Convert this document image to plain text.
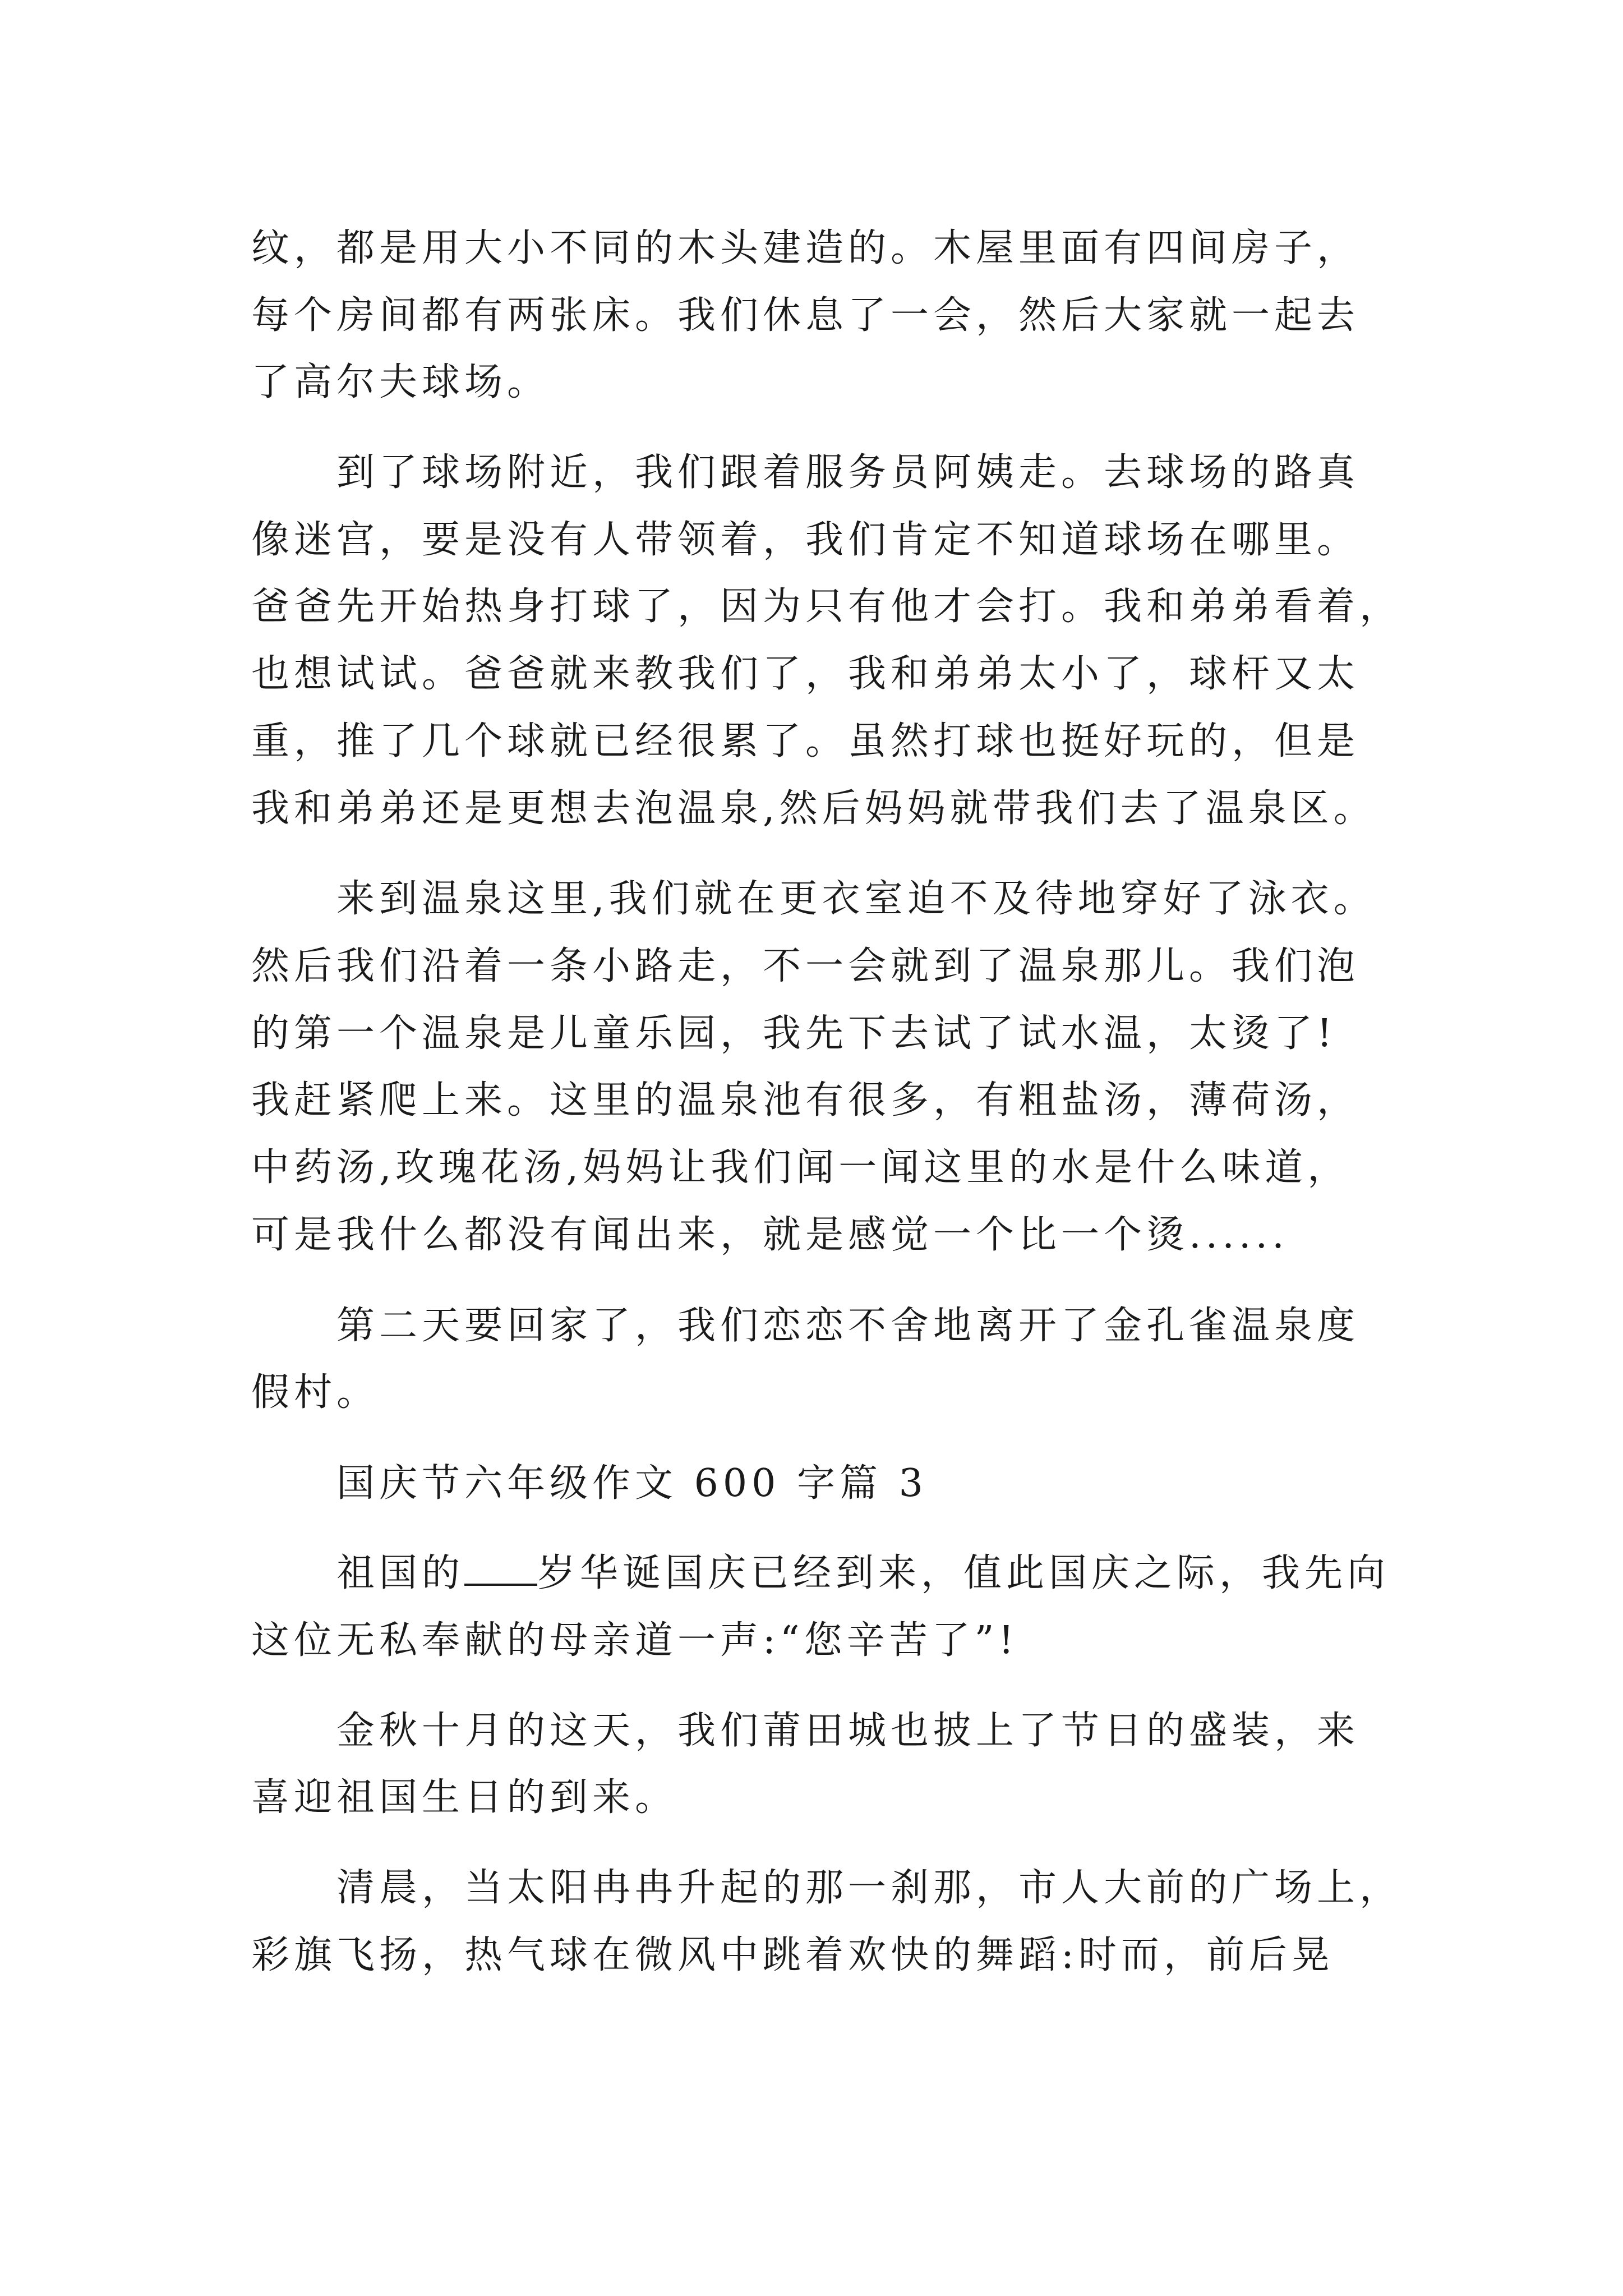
纹，都是用大小不同的木头建造的。木屋里面有四间房子，
每个房间都有两张床。我们休息了一会，然后大家就一起去
了高尔夫球场。
到了球场附近，我们跟着服务员阿姨走。去球场的路真
像迷宫，要是没有人带领着，我们肯定不知道球场在哪里。
爸爸先开始热身打球了，因为只有他才会打。我和弟弟看着，
也想试试。爸爸就来教我们了，我和弟弟太小了，球杆又太
重，推了几个球就已经很累了。虽然打球也挺好玩的，但是
我和弟弟还是更想去泡温泉,然后妈妈就带我们去了温泉区。
来到温泉这里,我们就在更衣室迫不及待地穿好了泳衣。
然后我们沿着一条小路走，不一会就到了温泉那儿。我们泡
的第一个温泉是儿童乐园，我先下去试了试水温，太烫了!
我赶紧爬上来。这里的温泉池有很多，有粗盐汤，薄荷汤，
中药汤,玫瑰花汤,妈妈让我们闻一闻这里的水是什么味道，
可是我什么都没有闻出来，就是感觉一个比一个烫......
第二天要回家了，我们恋恋不舍地离开了金孔雀温泉度
假村。
国庆节六年级作文 600 字篇 3
祖国的 岁华诞国庆已经到来，值此国庆之际，我先向
这位无私奉献的母亲道一声:“您辛苦了”!
金秋十月的这天，我们莆田城也披上了节日的盛装，来
喜迎祖国生日的到来。
清晨，当太阳冉冉升起的那一刹那，市人大前的广场上，
彩旗飞扬，热气球在微风中跳着欢快的舞蹈:时而，前后晃
